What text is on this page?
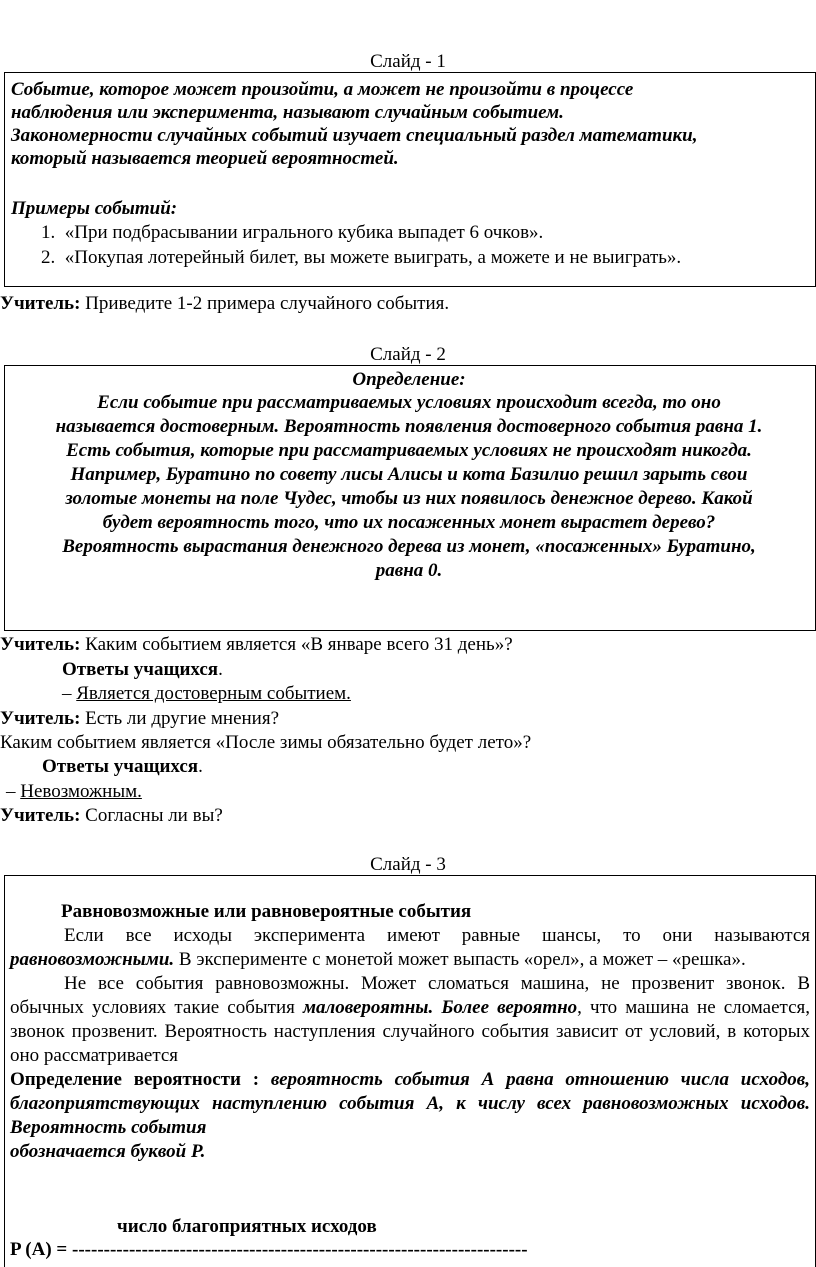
Слайд - 1
Событие, которое может произойти, а может не произойти в процессе
наблюдения или эксперимента, называют случайным событием.
Закономерности случайных событий изучает специальный раздел математики,
который называется теорией вероятностей.
Примеры событий:
1. «При подбрасывании игрального кубика выпадет 6 очков».
2. «Покупая лотерейный билет, вы можете выиграть, а можете и не выиграть».
Учитель: Приведите 1-2 примера случайного события.
Слайд - 2
Определение:
Если событие при рассматриваемых условиях происходит всегда, то оно
называется достоверным. Вероятность появления достоверного события равна 1.
Есть события, которые при рассматриваемых условиях не происходят никогда.
Например, Буратино по совету лисы Алисы и кота Базилио решил зарыть свои
золотые монеты на поле Чудес, чтобы из них появилось денежное дерево. Какой
будет вероятность того, что их посаженных монет вырастет дерево?
Вероятность вырастания денежного дерева из монет, «посаженных» Буратино,
равна 0.
Учитель: Каким событием является «В январе всего 31 день»?
Ответы учащихся.
– Является достоверным событием.
Учитель: Есть ли другие мнения?
Каким событием является «После зимы обязательно будет лето»?
Ответы учащихся.
– Невозможным.
Учитель: Согласны ли вы?
Слайд - 3
Равновозможные или равновероятные события

Если все исходы эксперимента имеют равные шансы, то они называются равновозможными. В эксперименте с монетой может выпасть «орел», а может – «решка».

Не все события равновозможны. Может сломаться машина, не прозвенит звонок. В обычных условиях такие события маловероятны. Более вероятно, что машина не сломается, звонок прозвенит. Вероятность наступления случайного события зависит от условий, в которых оно рассматривается

Определение вероятности : вероятность события А равна отношению числа исходов, благоприятствующих наступлению события А, к числу всех равновозможных исходов. Вероятность события

обозначается буквой Р.

число благоприятных исходов
P (A) = ------------------------------------------------------------------------
